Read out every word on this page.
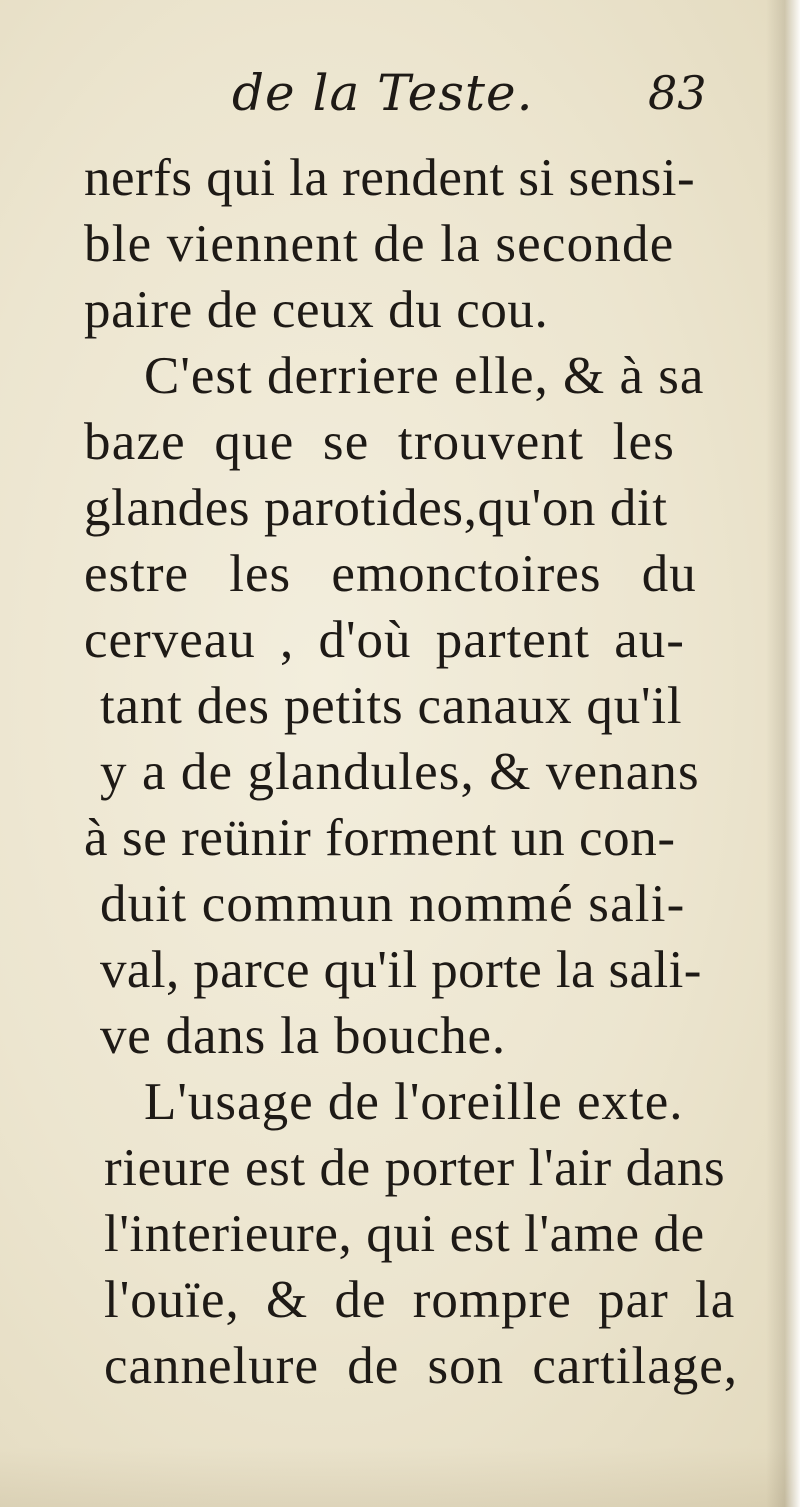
de la Teste. 83
nerfs qui la rendent si sensi-
ble viennent de la seconde
paire de ceux du cou.
C'est derriere elle, & à sa
baze que se trouvent les
glandes parotides,qu'on dit
estre les emonctoires du
cerveau , d'où partent au-
tant des petits canaux qu'il
y a de glandules, & venans
à se reünir forment un con-
duit commun nommé sali-
val, parce qu'il porte la sali-
ve dans la bouche.
L'usage de l'oreille exte.
rieure est de porter l'air dans
l'interieure, qui est l'ame de
l'ouïe, & de rompre par la
cannelure de son cartilage,
